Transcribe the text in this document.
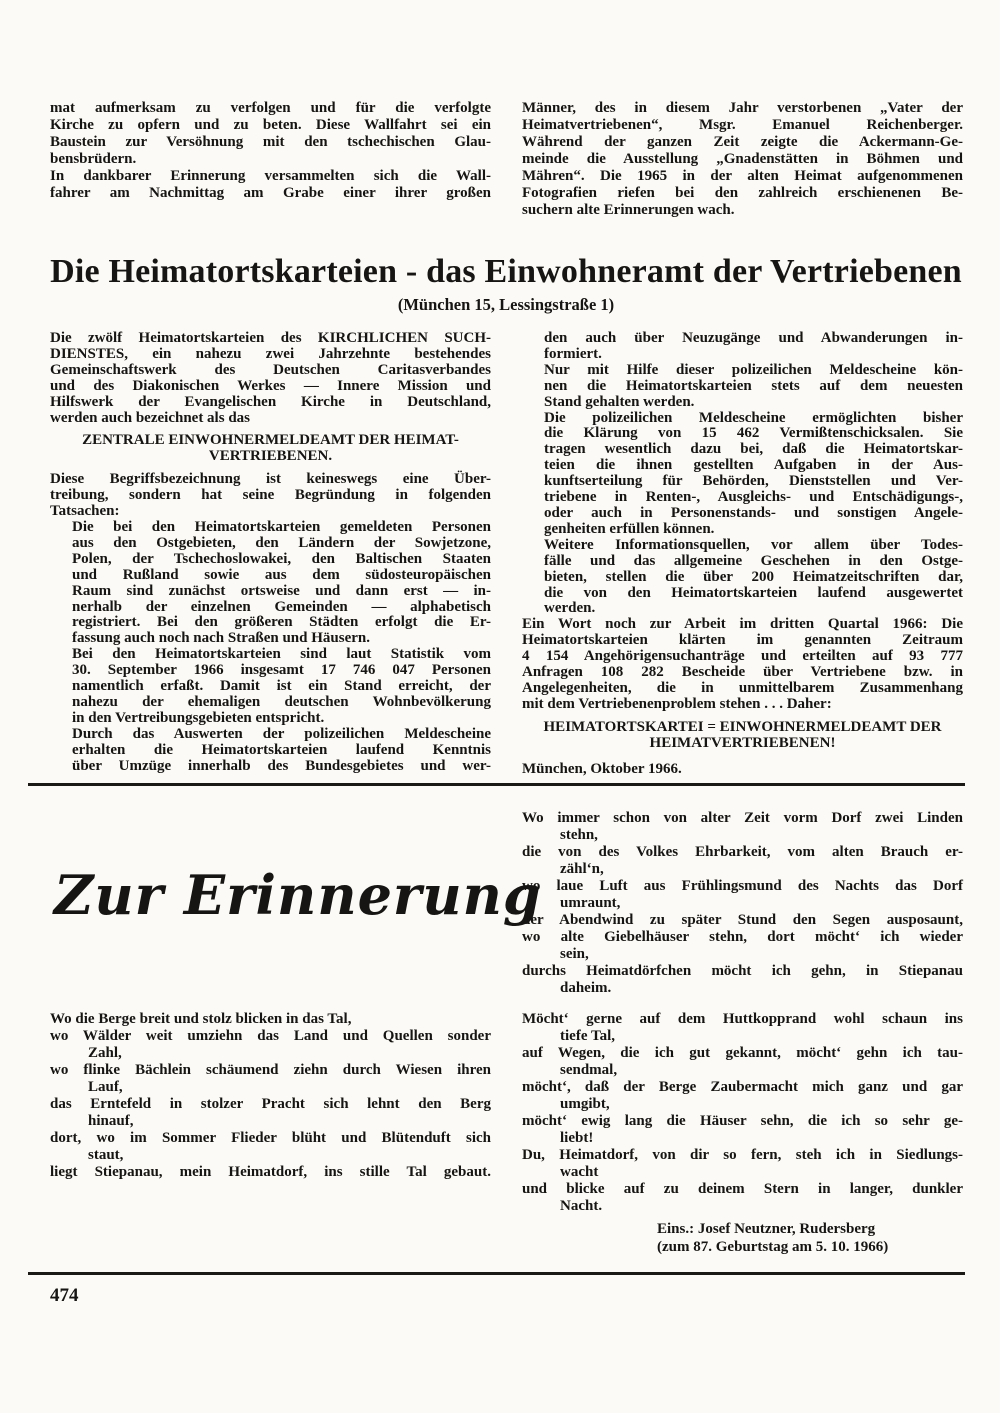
mat aufmerksam zu verfolgen und für die verfolgte
Kirche zu opfern und zu beten. Diese Wallfahrt sei ein
Baustein zur Versöhnung mit den tschechischen Glau-
bensbrüdern.
In dankbarer Erinnerung versammelten sich die Wall-
fahrer am Nachmittag am Grabe einer ihrer großen
Männer, des in diesem Jahr verstorbenen „Vater der
Heimatvertriebenen“, Msgr. Emanuel Reichenberger.
Während der ganzen Zeit zeigte die Ackermann-Ge-
meinde die Ausstellung „Gnadenstätten in Böhmen und
Mähren“. Die 1965 in der alten Heimat aufgenommenen
Fotografien riefen bei den zahlreich erschienenen Be-
suchern alte Erinnerungen wach.
Die Heimatortskarteien - das Einwohneramt der Vertriebenen
(München 15, Lessingstraße 1)
Die zwölf Heimatortskarteien des KIRCHLICHEN SUCH-
DIENSTES, ein nahezu zwei Jahrzehnte bestehendes
Gemeinschaftswerk des Deutschen Caritasverbandes
und des Diakonischen Werkes — Innere Mission und
Hilfswerk der Evangelischen Kirche in Deutschland,
werden auch bezeichnet als das
ZENTRALE EINWOHNERMELDEAMT DER HEIMAT-
VERTRIEBENEN.
Diese Begriffsbezeichnung ist keineswegs eine Über-
treibung, sondern hat seine Begründung in folgenden
Tatsachen:
Die bei den Heimatortskarteien gemeldeten Personen
aus den Ostgebieten, den Ländern der Sowjetzone,
Polen, der Tschechoslowakei, den Baltischen Staaten
und Rußland sowie aus dem südosteuropäischen
Raum sind zunächst ortsweise und dann erst — in-
nerhalb der einzelnen Gemeinden — alphabetisch
registriert. Bei den größeren Städten erfolgt die Er-
fassung auch noch nach Straßen und Häusern.
Bei den Heimatortskarteien sind laut Statistik vom
30. September 1966 insgesamt 17 746 047 Personen
namentlich erfaßt. Damit ist ein Stand erreicht, der
nahezu der ehemaligen deutschen Wohnbevölkerung
in den Vertreibungsgebieten entspricht.
Durch das Auswerten der polizeilichen Meldescheine
erhalten die Heimatortskarteien laufend Kenntnis
über Umzüge innerhalb des Bundesgebietes und wer-
den auch über Neuzugänge und Abwanderungen in-
formiert.
Nur mit Hilfe dieser polizeilichen Meldescheine kön-
nen die Heimatortskarteien stets auf dem neuesten
Stand gehalten werden.
Die polizeilichen Meldescheine ermöglichten bisher
die Klärung von 15 462 Vermißtenschicksalen. Sie
tragen wesentlich dazu bei, daß die Heimatortskar-
teien die ihnen gestellten Aufgaben in der Aus-
kunftserteilung für Behörden, Dienststellen und Ver-
triebene in Renten-, Ausgleichs- und Entschädigungs-,
oder auch in Personenstands- und sonstigen Angele-
genheiten erfüllen können.
Weitere Informationsquellen, vor allem über Todes-
fälle und das allgemeine Geschehen in den Ostge-
bieten, stellen die über 200 Heimatzeitschriften dar,
die von den Heimatortskarteien laufend ausgewertet
werden.
Ein Wort noch zur Arbeit im dritten Quartal 1966: Die
Heimatortskarteien klärten im genannten Zeitraum
4 154 Angehörigensuchanträge und erteilten auf 93 777
Anfragen 108 282 Bescheide über Vertriebene bzw. in
Angelegenheiten, die in unmittelbarem Zusammenhang
mit dem Vertriebenenproblem stehen . . . Daher:
HEIMATORTSKARTEI = EINWOHNERMELDEAMT DER
HEIMATVERTRIEBENEN!
München, Oktober 1966.
Zur Erinnerung
Wo immer schon von alter Zeit vorm Dorf zwei Linden
stehn,
die von des Volkes Ehrbarkeit, vom alten Brauch er-
zähl‘n,
wo laue Luft aus Frühlingsmund des Nachts das Dorf
umraunt,
der Abendwind zu später Stund den Segen ausposaunt,
wo alte Giebelhäuser stehn, dort möcht‘ ich wieder
sein,
durchs Heimatdörfchen möcht ich gehn, in Stiepanau
daheim.
Wo die Berge breit und stolz blicken in das Tal,
wo Wälder weit umziehn das Land und Quellen sonder
Zahl,
wo flinke Bächlein schäumend ziehn durch Wiesen ihren
Lauf,
das Erntefeld in stolzer Pracht sich lehnt den Berg
hinauf,
dort, wo im Sommer Flieder blüht und Blütenduft sich
staut,
liegt Stiepanau, mein Heimatdorf, ins stille Tal gebaut.
Möcht‘ gerne auf dem Huttkopprand wohl schaun ins
tiefe Tal,
auf Wegen, die ich gut gekannt, möcht‘ gehn ich tau-
sendmal,
möcht‘, daß der Berge Zaubermacht mich ganz und gar
umgibt,
möcht‘ ewig lang die Häuser sehn, die ich so sehr ge-
liebt!
Du, Heimatdorf, von dir so fern, steh ich in Siedlungs-
wacht
und blicke auf zu deinem Stern in langer, dunkler
Nacht.
Eins.: Josef Neutzner, Rudersberg
(zum 87. Geburtstag am 5. 10. 1966)
474
